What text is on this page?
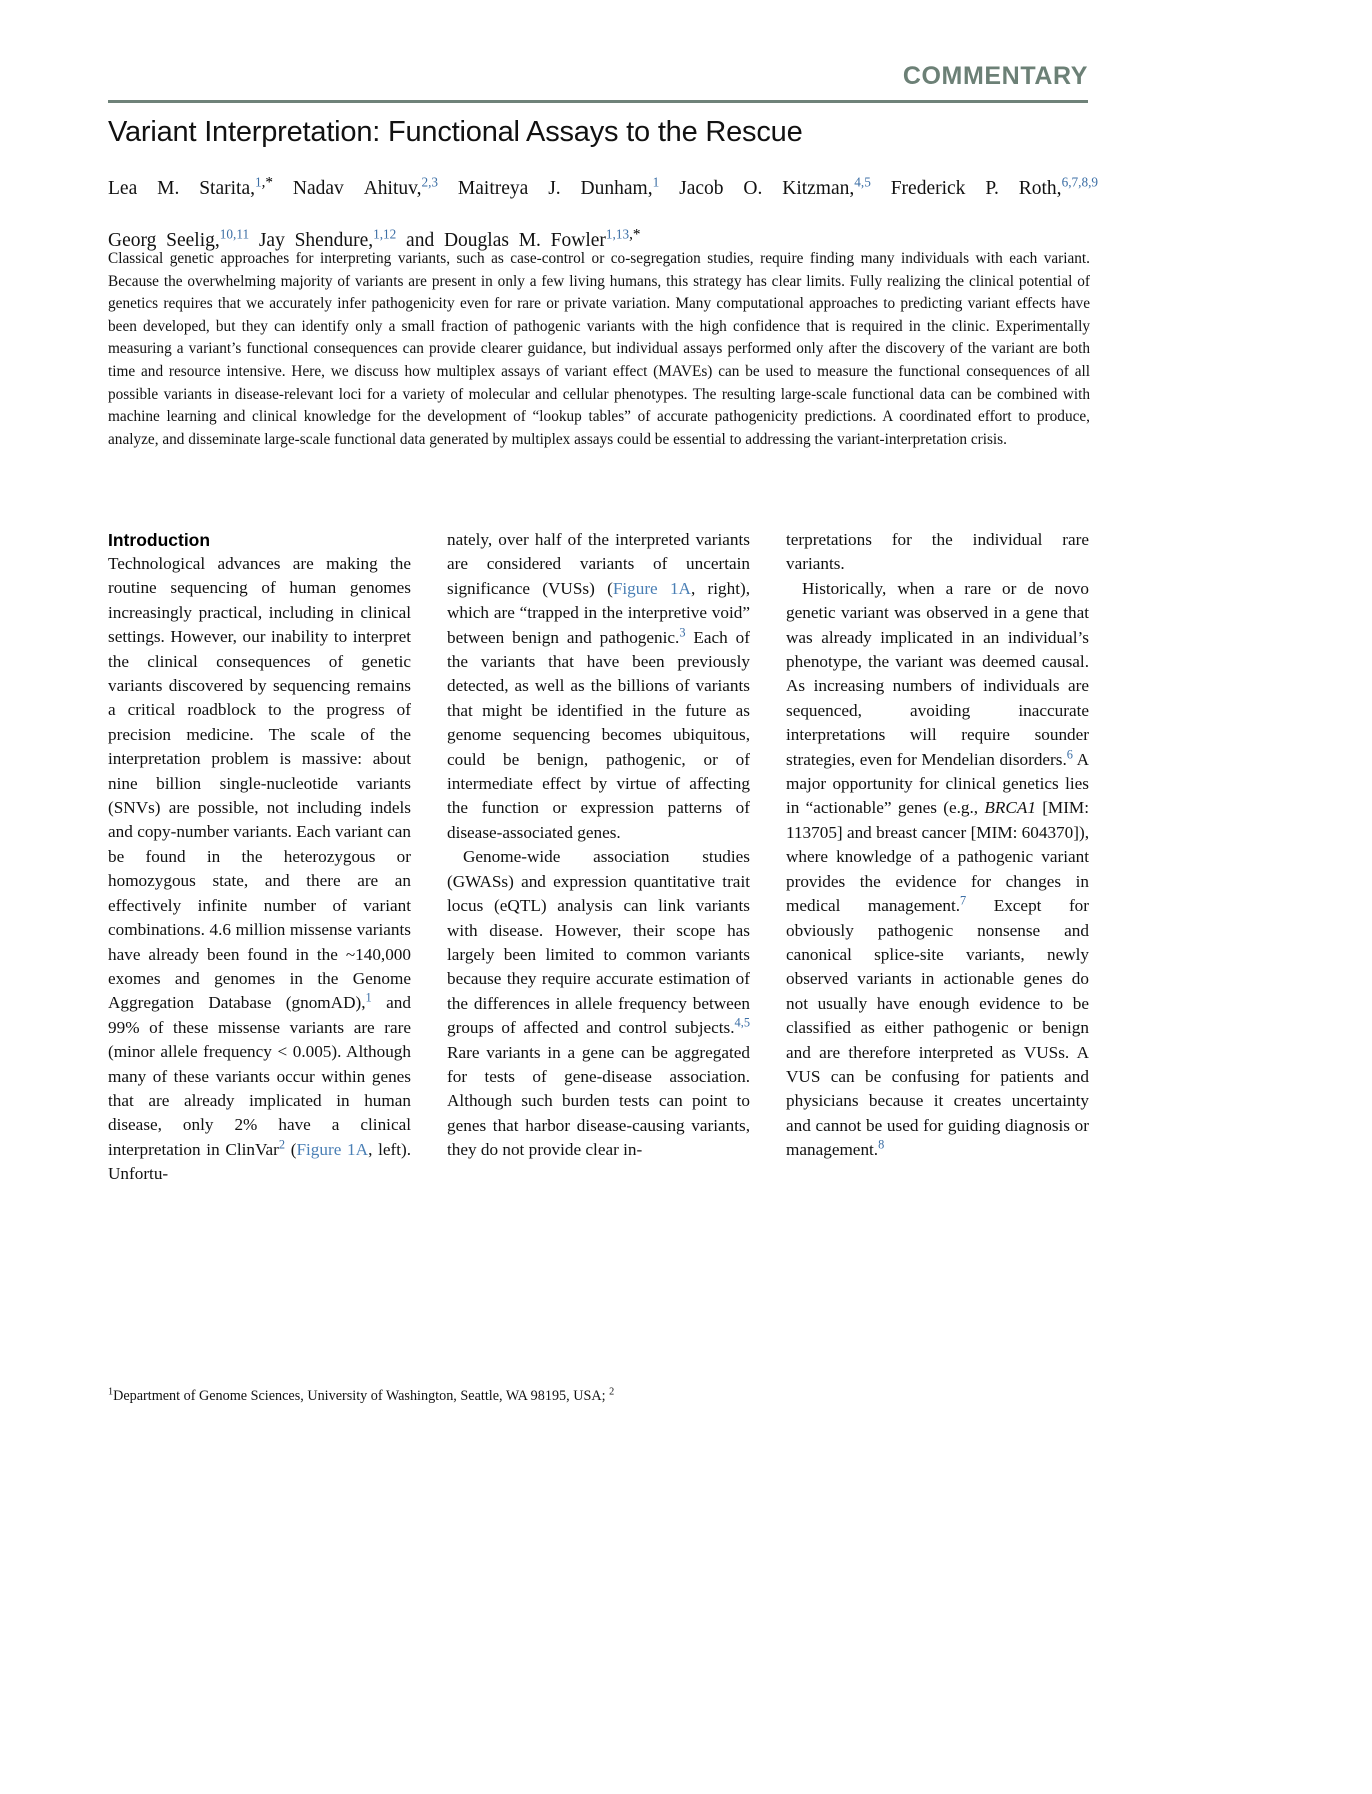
COMMENTARY
Variant Interpretation: Functional Assays to the Rescue
Lea  M.  Starita,$^{1,*}$  Nadav  Ahituv,$^{2,3}$  Maitreya  J.  Dunham,$^1$  Jacob  O.  Kitzman,$^{4,5}$  Frederick  P.  Roth,$^{6,7,8,9}$
Georg  Seelig,$^{10,11}$  Jay  Shendure,$^{1,12}$  and  Douglas  M.  Fowler$^{1,13,*}$
Classical genetic approaches for interpreting variants, such as case-control or co-segregation studies, require finding many individuals with each variant. Because the overwhelming majority of variants are present in only a few living humans, this strategy has clear limits. Fully realizing the clinical potential of genetics requires that we accurately infer pathogenicity even for rare or private variation. Many computational approaches to predicting variant effects have been developed, but they can identify only a small fraction of pathogenic variants with the high confidence that is required in the clinic. Experimentally measuring a variant’s functional consequences can provide clearer guidance, but individual assays performed only after the discovery of the variant are both time and resource intensive. Here, we discuss how multiplex assays of variant effect (MAVEs) can be used to measure the functional consequences of all possible variants in disease-relevant loci for a variety of molecular and cellular phenotypes. The resulting large-scale functional data can be combined with machine learning and clinical knowledge for the development of “lookup tables” of accurate pathogenicity predictions. A coordinated effort to produce, analyze, and disseminate large-scale functional data generated by multiplex assays could be essential to addressing the variant-interpretation crisis.
Introduction

Technological advances are making the routine sequencing of human genomes increasingly practical, including in clinical settings. However, our inability to interpret the clinical consequences of genetic variants discovered by sequencing remains a critical roadblock to the progress of precision medicine. The scale of the interpretation problem is massive: about nine billion single-nucleotide variants (SNVs) are possible, not including indels and copy-number variants. Each variant can be found in the heterozygous or homozygous state, and there are an effectively infinite number of variant combinations. 4.6 million missense variants have already been found in the ~140,000 exomes and genomes in the Genome Aggregation Database (gnomAD),$^1$ and 99% of these missense variants are rare (minor allele frequency < 0.005). Although many of these variants occur within genes that are already implicated in human disease, only 2% have a clinical interpretation in ClinVar$^2$ (Figure 1A, left). Unfortu-

nately, over half of the interpreted variants are considered variants of uncertain significance (VUSs) (Figure 1A, right), which are “trapped in the interpretive void” between benign and pathogenic.$^3$ Each of the variants that have been previously detected, as well as the billions of variants that might be identified in the future as genome sequencing becomes ubiquitous, could be benign, pathogenic, or of intermediate effect by virtue of affecting the function or expression patterns of disease-associated genes.

Genome-wide association studies (GWASs) and expression quantitative trait locus (eQTL) analysis can link variants with disease. However, their scope has largely been limited to common variants because they require accurate estimation of the differences in allele frequency between groups of affected and control subjects.$^{4,5}$ Rare variants in a gene can be aggregated for tests of gene-disease association. Although such burden tests can point to genes that harbor disease-causing variants, they do not provide clear in-

terpretations for the individual rare variants.

Historically, when a rare or de novo genetic variant was observed in a gene that was already implicated in an individual’s phenotype, the variant was deemed causal. As increasing numbers of individuals are sequenced, avoiding inaccurate interpretations will require sounder strategies, even for Mendelian disorders.$^6$ A major opportunity for clinical genetics lies in “actionable” genes (e.g., BRCA1 [MIM: 113705] and breast cancer [MIM: 604370]), where knowledge of a pathogenic variant provides the evidence for changes in medical management.$^7$ Except for obviously pathogenic nonsense and canonical splice-site variants, newly observed variants in actionable genes do not usually have enough evidence to be classified as either pathogenic or benign and are therefore interpreted as VUSs. A VUS can be confusing for patients and physicians because it creates uncertainty and cannot be used for guiding diagnosis or management.$^8$

$^1$Department of Genome Sciences, University of Washington, Seattle, WA 98195, USA; $^2$
